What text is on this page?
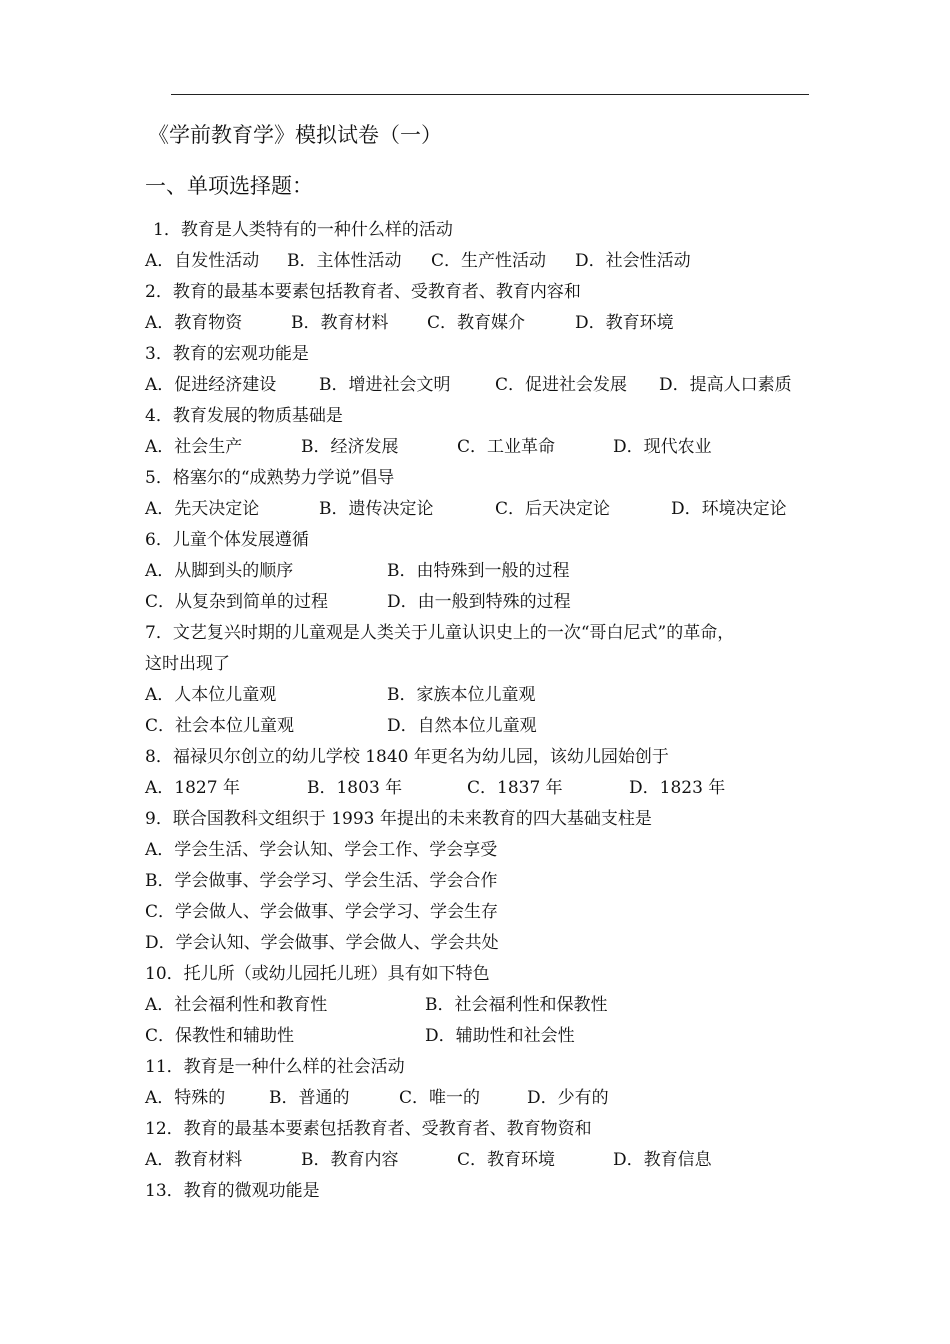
《学前教育学》模拟试卷（一）
一、单项选择题：
1．教育是人类特有的一种什么样的活动
A．自发性活动 B．主体性活动 C．生产性活动 D．社会性活动
2．教育的最基本要素包括教育者、受教育者、教育内容和
A．教育物资	B．教育材料 C．教育媒介	D．教育环境
3．教育的宏观功能是
A．促进经济建设	B．增进社会文明	C．促进社会发展 D．提高人口素质
4．教育发展的物质基础是
A．社会生产	B．经济发展	C．工业革命	D．现代农业
5．格塞尔的“成熟势力学说”倡导
A．先天决定论	B．遗传决定论	C．后天决定论	D．环境决定论
6．儿童个体发展遵循
A．从脚到头的顺序	B．由特殊到一般的过程
C．从复杂到简单的过程	D．由一般到特殊的过程
7．文艺复兴时期的儿童观是人类关于儿童认识史上的一次“哥白尼式”的革命，
这时出现了
A．人本位儿童观	B．家族本位儿童观
C．社会本位儿童观	D．自然本位儿童观
8．福禄贝尔创立的幼儿学校 1840 年更名为幼儿园，该幼儿园始创于
A．1827 年	B．1803 年	C．1837 年	D．1823 年
9．联合国教科文组织于 1993 年提出的未来教育的四大基础支柱是
A．学会生活、学会认知、学会工作、学会享受
B．学会做事、学会学习、学会生活、学会合作
C．学会做人、学会做事、学会学习、学会生存
D．学会认知、学会做事、学会做人、学会共处
10．托儿所（或幼儿园托儿班）具有如下特色
A．社会福利性和教育性	B．社会福利性和保教性
C．保教性和辅助性	D．辅助性和社会性
11．教育是一种什么样的社会活动
A．特殊的	B．普通的	C．唯一的	D．少有的
12．教育的最基本要素包括教育者、受教育者、教育物资和
A．教育材料	B．教育内容	C．教育环境	D．教育信息
13．教育的微观功能是
